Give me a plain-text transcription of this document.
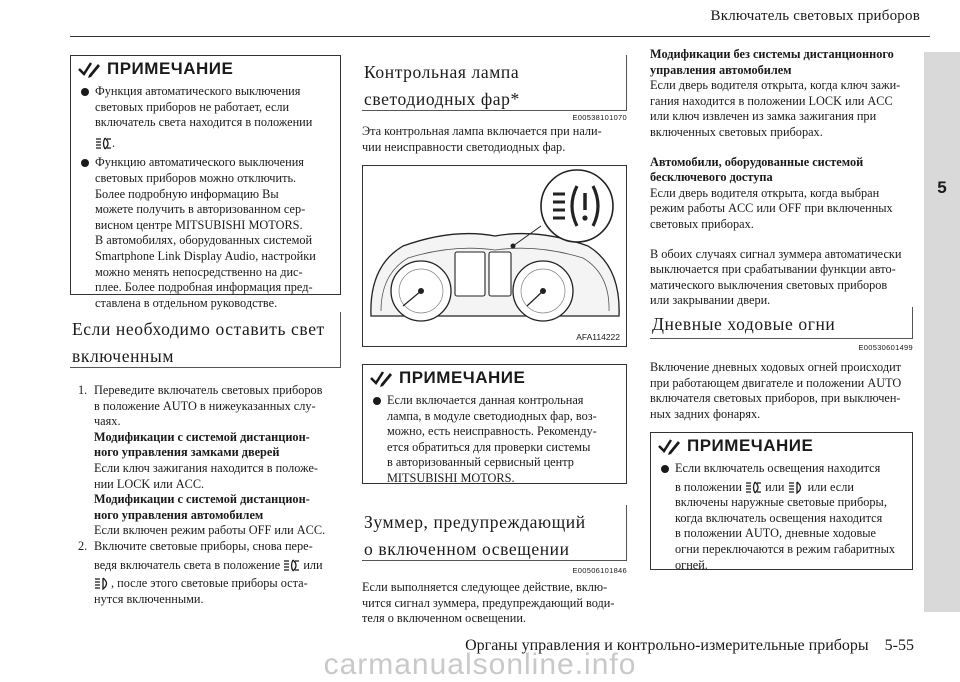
Включатель световых приборов
5
ПРИМЕЧАНИЕ
Функция автоматического выключения
световых приборов не работает, если
включатель света находится в положении
.
Функцию автоматического выключения
световых приборов можно отключить.
Более подробную информацию Вы
можете получить в авторизованном сер-
висном центре MITSUBISHI MOTORS.
В автомобилях, оборудованных системой
Smartphone Link Display Audio, настройки
можно менять непосредственно на дис-
плее. Более подробная информация пред-
ставлена в отдельном руководстве.
Если необходимо оставить свет
включенным
1. Переведите включатель световых приборов
в положение AUTO в нижеуказанных слу-
чаях.
Модификации с системой дистанцион-
ного управления замками дверей
Если ключ зажигания находится в положе-
нии LOCK или ACC.
Модификации с системой дистанцион-
ного управления автомобилем
Если включен режим работы OFF или ACC.
2. Включите световые приборы, снова пере-
ведя включатель света в положение или
, после этого световые приборы оста-
нутся включенными.
Контрольная лампа
светодиодных фар*
E00538101070
Эта контрольная лампа включается при нали-
чии неисправности светодиодных фар.
AFA114222
ПРИМЕЧАНИЕ
Если включается данная контрольная
лампа, в модуле светодиодных фар, воз-
можно, есть неисправность. Рекоменду-
ется обратиться для проверки системы
в авторизованный сервисный центр
MITSUBISHI MOTORS.
Зуммер, предупреждающий
о включенном освещении
E00506101846
Если выполняется следующее действие, вклю-
чится сигнал зуммера, предупреждающий води-
теля о включенном освещении.
Модификации без системы дистанционного
управления автомобилем
Если дверь водителя открыта, когда ключ зажи-
гания находится в положении LOCK или ACC
или ключ извлечен из замка зажигания при
включенных световых приборах.
Автомобили, оборудованные системой
бесключевого доступа
Если дверь водителя открыта, когда выбран
режим работы ACC или OFF при включенных
световых приборах.
В обоих случаях сигнал зуммера автоматически
выключается при срабатывании функции авто-
матического выключения световых приборов
или закрывании двери.
Дневные ходовые огни
E00530601499
Включение дневных ходовых огней происходит
при работающем двигателе и положении AUTO
включателя световых приборов, при выключен-
ных задних фонарях.
ПРИМЕЧАНИЕ
Если включатель освещения находится
в положении или или если
включены наружные световые приборы,
когда включатель освещения находится
в положении AUTO, дневные ходовые
огни переключаются в режим габаритных
огней.
Органы управления и контрольно-измерительные приборы 5-55
carmanualsonline.info
